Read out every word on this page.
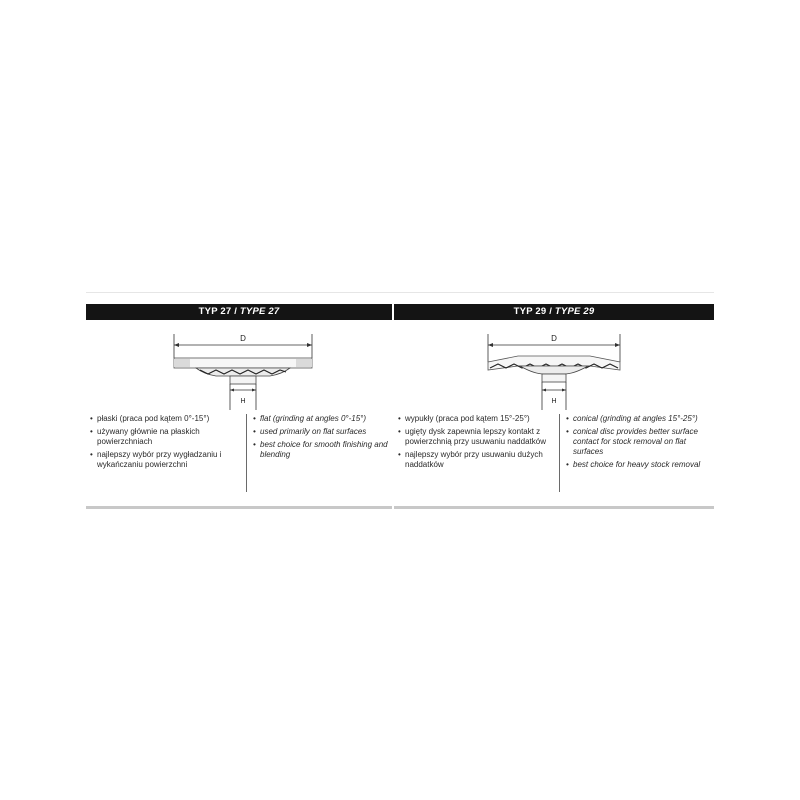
TYP 27 / TYPE 27
D
H
• płaski (praca pod kątem 0°-15°)
• używany głównie na płaskich powierzchniach
• najlepszy wybór przy wygładzaniu i wykańczaniu powierzchni
• flat (grinding at angles 0°-15°)
• used primarily on flat surfaces
• best choice for smooth finishing and blending
TYP 29 / TYPE 29
D
H
• wypukły (praca pod kątem 15°-25°)
• ugięty dysk zapewnia lepszy kontakt z powierzchnią przy usuwaniu naddatków
• najlepszy wybór przy usuwaniu dużych naddatków
• conical (grinding at angles 15°-25°)
• conical disc provides better surface contact for stock removal on flat surfaces
• best choice for heavy stock removal
